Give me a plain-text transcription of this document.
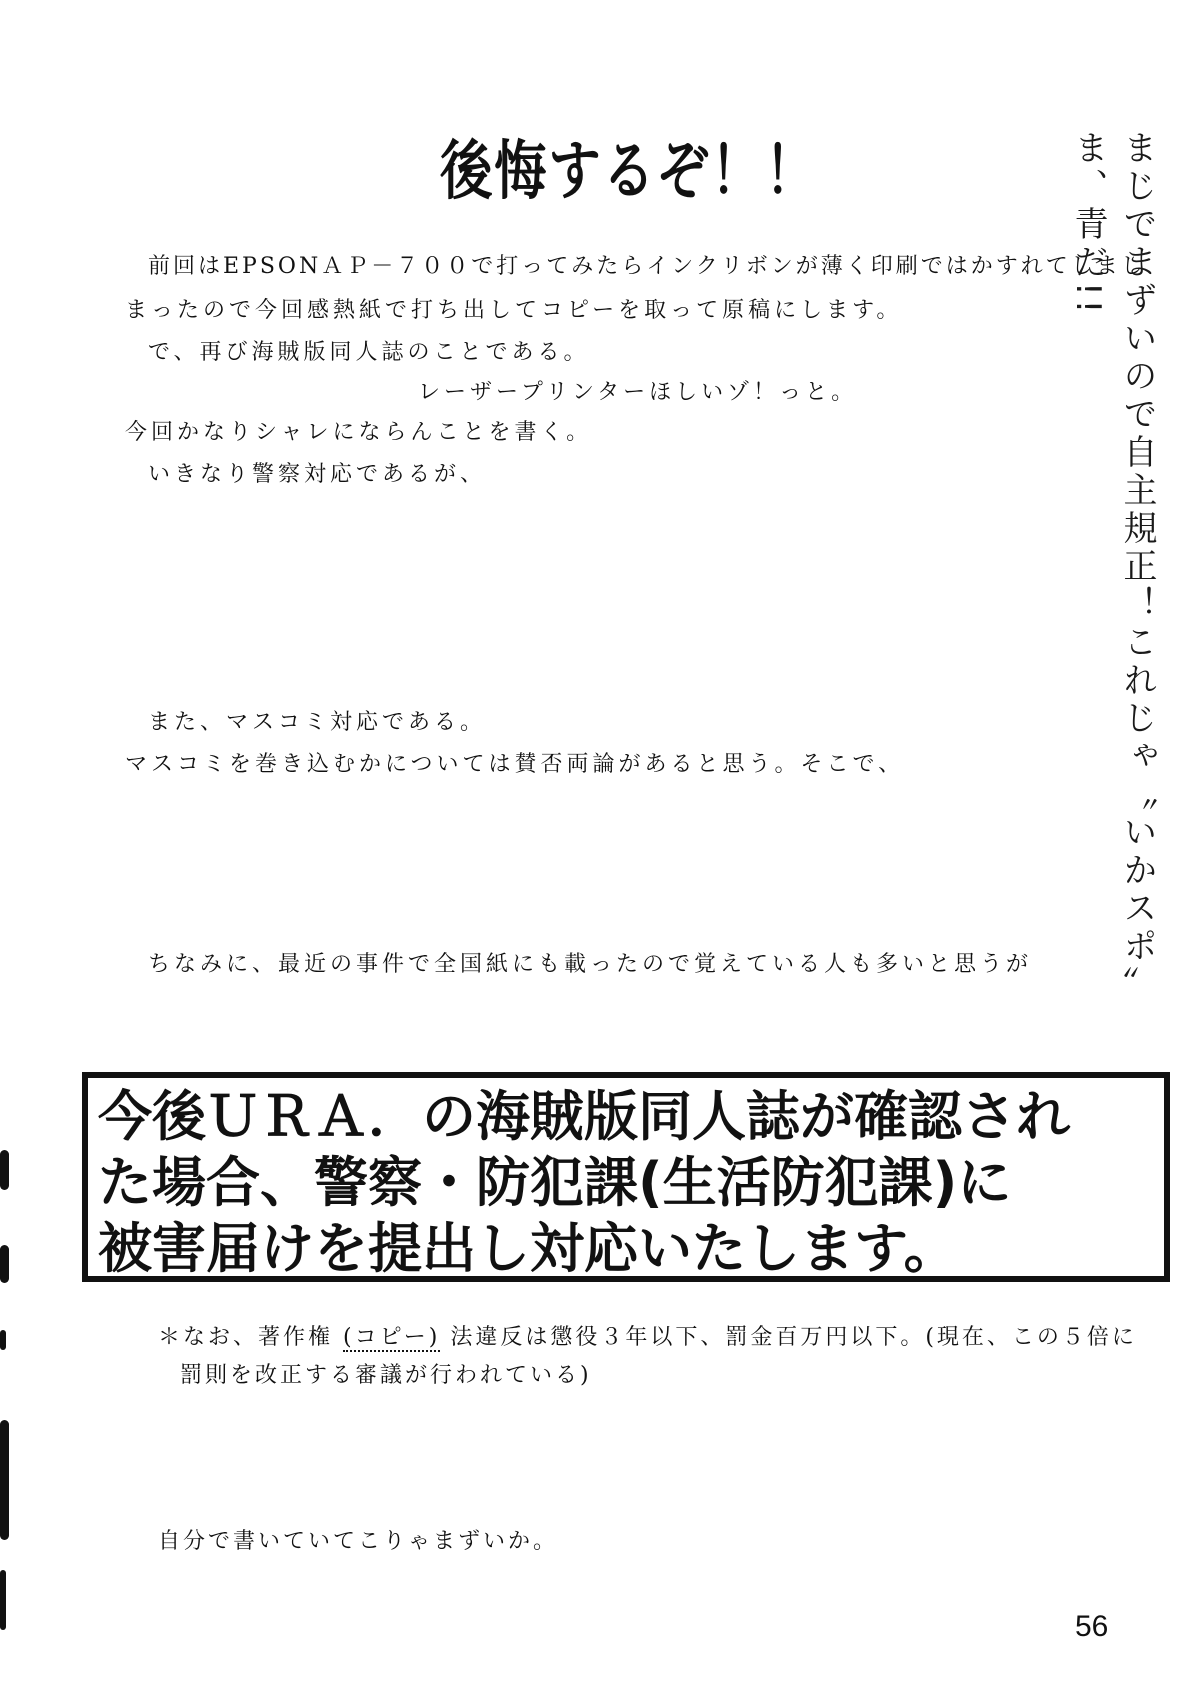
後悔するぞ！！
前回はEPSONＡＰ－７００で打ってみたらインクリボンが薄く印刷ではかすれてしまし
まったので今回感熱紙で打ち出してコピーを取って原稿にします。
で、再び海賊版同人誌のことである。
レーザープリンターほしいゾ！っと。
今回かなりシャレにならんことを書く。
いきなり警察対応であるが、
また、マスコミ対応である。
マスコミを巻き込むかについては賛否両論があると思う。そこで、
ちなみに、最近の事件で全国紙にも載ったので覚えている人も多いと思うが まじでまずいので自主規正！これじゃ〝いかスポ〟ま、青だ!!
今後ＵＲＡ．の海賊版同人誌が確認され
た場合、警察・防犯課(生活防犯課)に
被害届けを提出し対応いたします。
＊なお、著作権 (コピー) 法違反は懲役３年以下、罰金百万円以下。(現在、この５倍に
罰則を改正する審議が行われている)
自分で書いていてこりゃまずいか。
56
